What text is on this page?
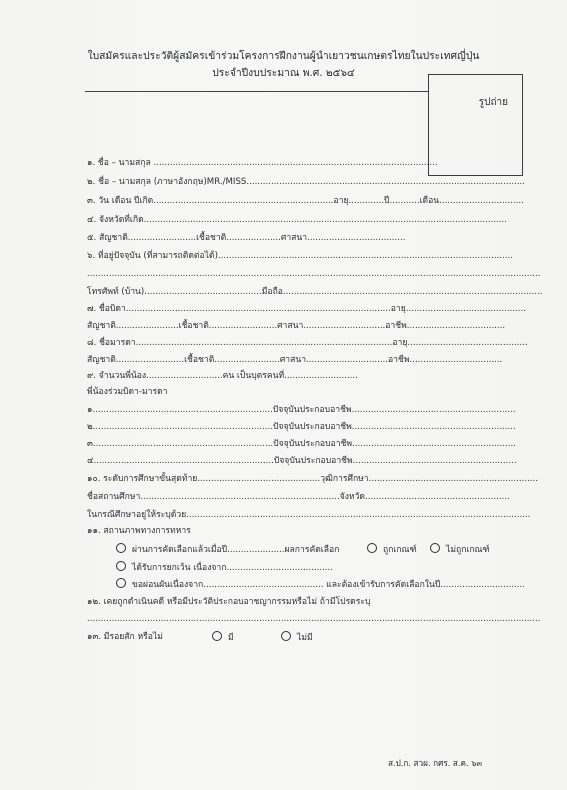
ใบสมัครและประวัติผู้สมัครเข้าร่วมโครงการฝึกงานผู้นำเยาวชนเกษตรไทยในประเทศญี่ปุ่น
ประจำปีงบประมาณ พ.ศ. ๒๕๖๔
รูปถ่าย
๑. ชื่อ – นามสกุล ........................................................................................................
๒. ชื่อ – นามสกุล (ภาษาอังกฤษ)MR./MISS......................................................................................................
๓. วัน เดือน ปีเกิด..................................................................อายุ.............ปี...........เดือน...............................
๔. จังหวัดที่เกิด.....................................................................................................................................
๕. สัญชาติ.........................เชื้อชาติ....................ศาสนา....................................
๖. ที่อยู่ปัจจุบัน (ที่สามารถติดต่อได้)............................................................................................................
......................................................................................................................................................................
โทรศัพท์ (บ้าน)...........................................มือถือ...............................................................................................
๗. ชื่อบิดา.................................................................................................อายุ............................................
สัญชาติ.......................เชื้อชาติ.........................ศาสนา..............................อาชีพ....................................
๘. ชื่อมารดา..............................................................................................อายุ............................................
สัญชาติ.........................เชื้อชาติ........................ศาสนา..............................อาชีพ..................................
๙. จำนวนพี่น้อง............................คน เป็นบุตรคนที่...........................
พี่น้องร่วมบิดา-มารดา
๑..................................................................ปัจจุบันประกอบอาชีพ............................................................
๒..................................................................ปัจจุบันประกอบอาชีพ............................................................
๓..................................................................ปัจจุบันประกอบอาชีพ............................................................
๔..................................................................ปัจจุบันประกอบอาชีพ............................................................
๑๐. ระดับการศึกษาขั้นสุดท้าย.............................................วุฒิการศึกษา..............................................................
ชื่อสถานศึกษา.........................................................................จังหวัด.....................................................
ในกรณีศึกษาอยู่ให้ระบุด้วย..............................................................................................................................
๑๑. สถานภาพทางการทหาร
ผ่านการคัดเลือกแล้วเมื่อปี.....................ผลการคัดเลือก	ถูกเกณฑ์	ไม่ถูกเกณฑ์
ได้รับการยกเว้น เนื่องจาก.......................................
ขอผ่อนผันเนื่องจาก............................................ และต้องเข้ารับการคัดเลือกในปี...............................
๑๒. เคยถูกดำเนินคดี หรือมีประวัติประกอบอาชญากรรมหรือไม่ ถ้ามีโปรดระบุ
......................................................................................................................................................................
๑๓. มีรอยสัก หรือไม่	มี	ไม่มี
ส.ป.ก. สวผ. กศร. ส.ค. ๖๓
